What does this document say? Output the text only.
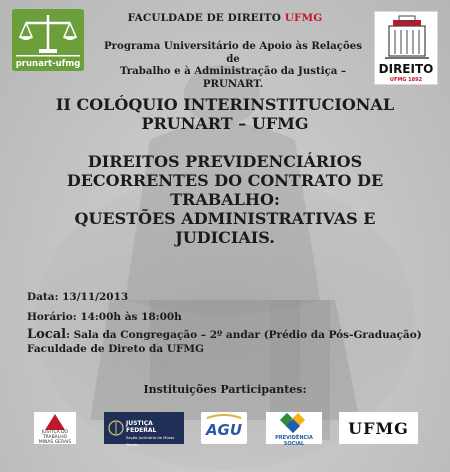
prunart-ufmg
FACULDADE DE DIREITO UFMG
Programa Universitário de Apoio às Relações de
Trabalho e à Administração da Justiça – PRUNART.
DIREITO
UFMG 1892
II COLÓQUIO INTERINSTITUCIONAL
PRUNART – UFMG
DIREITOS PREVIDENCIÁRIOS
DECORRENTES DO CONTRATO DE
TRABALHO:
QUESTÕES ADMINISTRATIVAS E
JUDICIAIS.
Data: 13/11/2013
Horário: 14:00h às 18:00h
Local: Sala da Congregação – 2º andar (Prédio da Pós-Graduação)
Faculdade de Direto da UFMG
Instituições Participantes:
JUSTIÇA DO TRABALHO
MINAS GERAIS
JUSTIÇA FEDERAL
Seção Judiciária de Minas Gerais
AGU	PREVIDÊNCIA SOCIAL
UFMG
